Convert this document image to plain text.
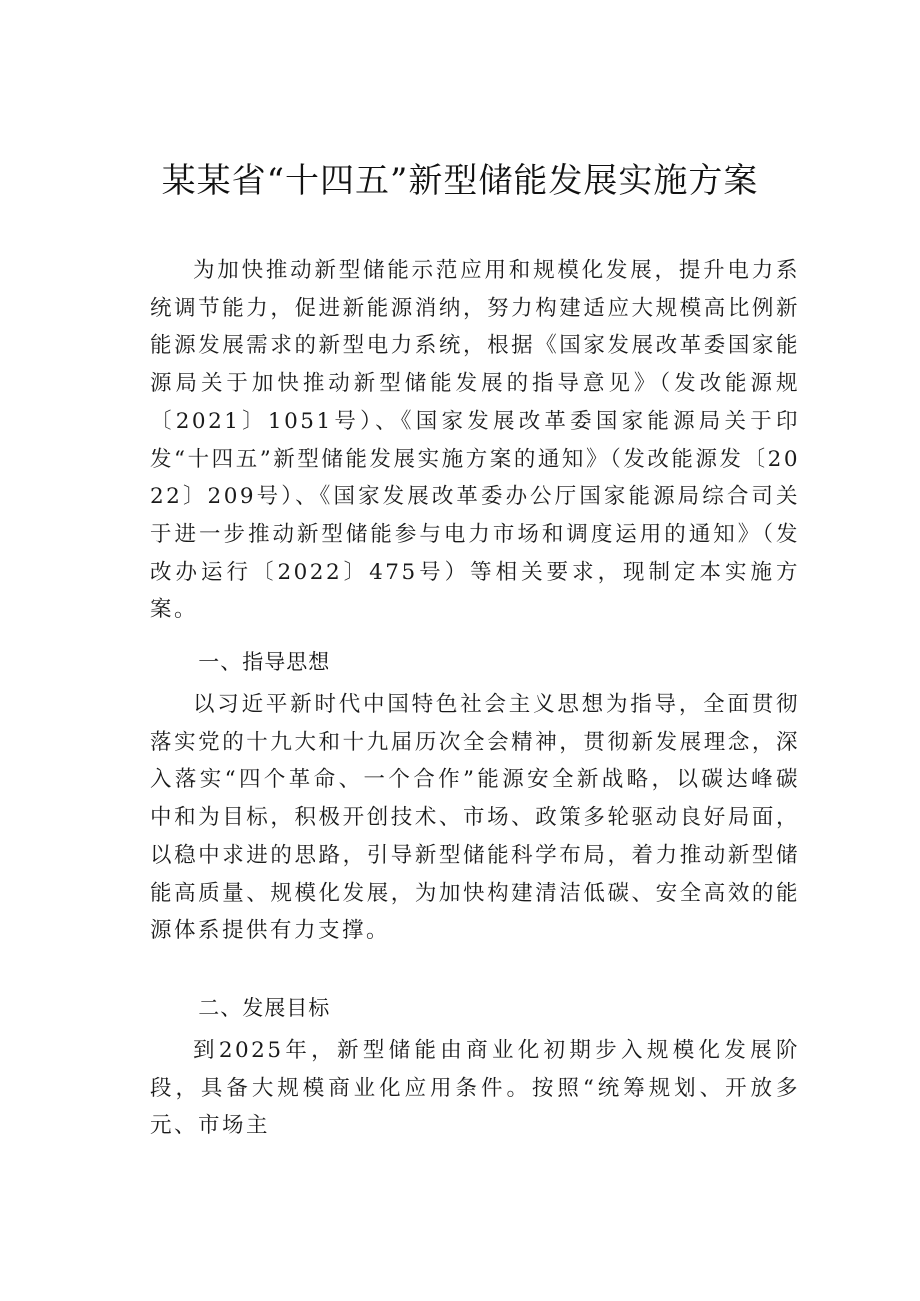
某某省“十四五”新型储能发展实施方案

为加快推动新型储能示范应用和规模化发展，提升电力系统调节能力，促进新能源消纳，努力构建适应大规模高比例新能源发展需求的新型电力系统，根据《国家发展改革委国家能源局关于加快推动新型储能发展的指导意见》（发改能源规〔2021〕1051号）、《国家发展改革委国家能源局关于印发“十四五”新型储能发展实施方案的通知》（发改能源发〔2022〕209号）、《国家发展改革委办公厅国家能源局综合司关于进一步推动新型储能参与电力市场和调度运用的通知》（发改办运行〔2022〕475号）等相关要求，现制定本实施方案。

一、指导思想

以习近平新时代中国特色社会主义思想为指导，全面贯彻落实党的十九大和十九届历次全会精神，贯彻新发展理念，深入落实“四个革命、一个合作”能源安全新战略，以碳达峰碳中和为目标，积极开创技术、市场、政策多轮驱动良好局面，以稳中求进的思路，引导新型储能科学布局，着力推动新型储能高质量、规模化发展，为加快构建清洁低碳、安全高效的能源体系提供有力支撑。

二、发展目标

到2025年，新型储能由商业化初期步入规模化发展阶段，具备大规模商业化应用条件。按照“统筹规划、开放多元、市场主
